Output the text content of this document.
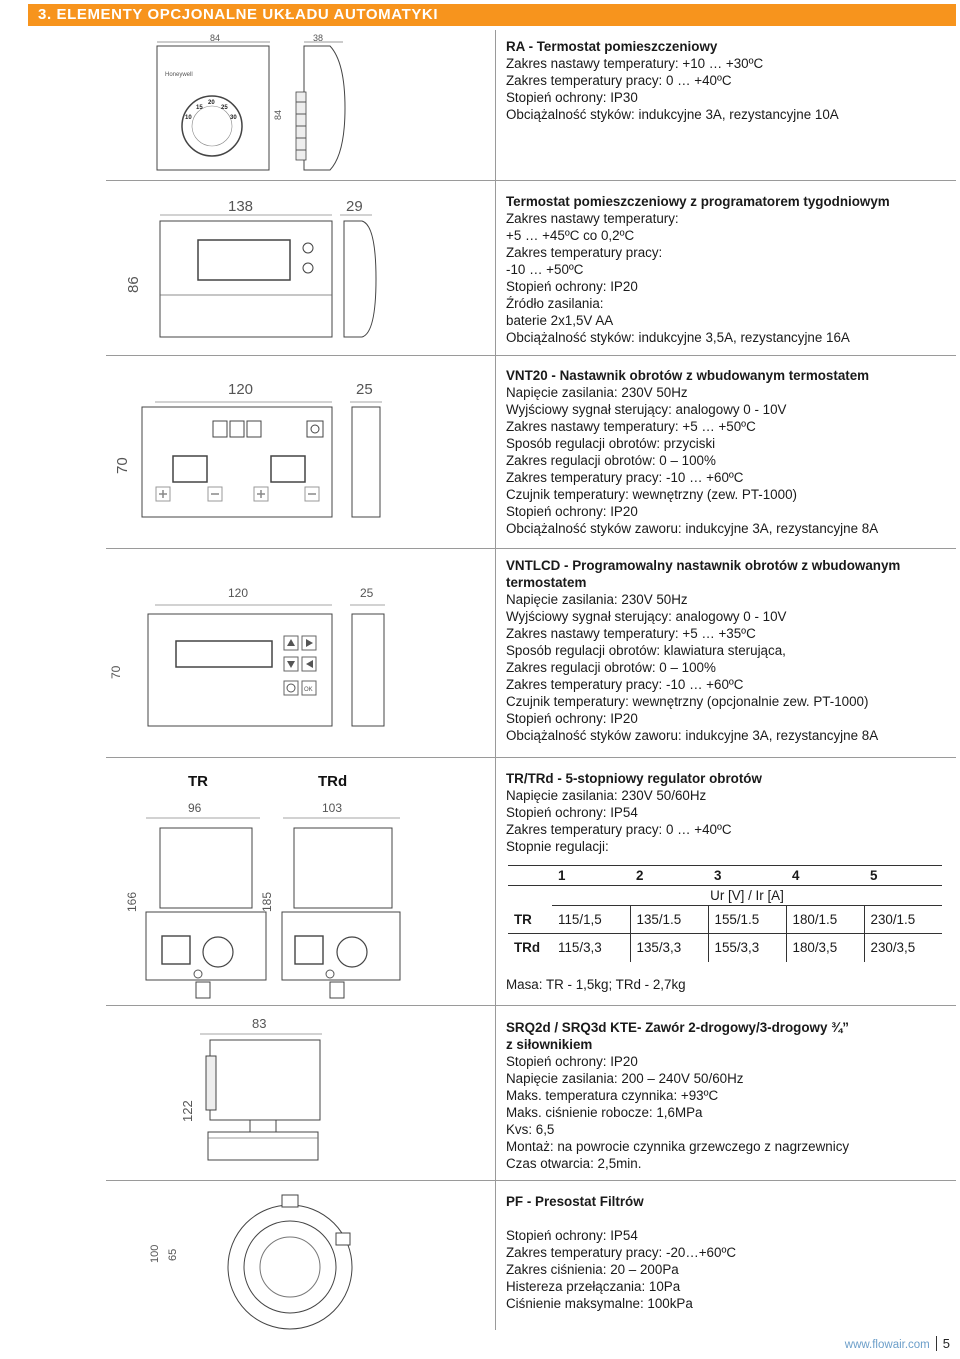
3. ELEMENTY OPCJONALNE UKŁADU AUTOMATYKI
84
Honeywell
10
15
20
25
30
38
84
RA - Termostat pomieszczeniowy
Zakres nastawy temperatury: +10 … +30ºC
Zakres temperatury pracy: 0 … +40ºC
Stopień ochrony: IP30
Obciążalność styków: indukcyjne 3A, rezystancyjne 10A
138	29
86
Termostat pomieszczeniowy z programatorem tygodniowym
Zakres nastawy temperatury:
+5 … +45ºC co 0,2ºC
Zakres temperatury pracy:
-10 … +50ºC
Stopień ochrony: IP20
Źródło zasilania:
baterie 2x1,5V AA
Obciążalność styków: indukcyjne 3,5A, rezystancyjne 16A
120	25
70
VNT20 - Nastawnik obrotów z wbudowanym termostatem
Napięcie zasilania: 230V 50Hz
Wyjściowy sygnał sterujący: analogowy 0 - 10V
Zakres nastawy temperatury: +5 … +50ºC
Sposób regulacji obrotów: przyciski
Zakres regulacji obrotów: 0 – 100%
Zakres temperatury pracy: -10 … +60ºC
Czujnik temperatury: wewnętrzny (zew. PT-1000)
Stopień ochrony: IP20
Obciążalność styków zaworu: indukcyjne 3A, rezystancyjne 8A
120	25
70
OK
VNTLCD - Programowalny nastawnik obrotów z wbudowanym
termostatem
Napięcie zasilania: 230V 50Hz
Wyjściowy sygnał sterujący: analogowy 0 - 10V
Zakres nastawy temperatury: +5 … +35ºC
Sposób regulacji obrotów: klawiatura sterująca,
Zakres regulacji obrotów: 0 – 100%
Zakres temperatury pracy: -10 … +60ºC
Czujnik temperatury: wewnętrzny (opcjonalnie zew. PT-1000)
Stopień ochrony: IP20
Obciążalność styków zaworu: indukcyjne 3A, rezystancyjne 8A
TR	TRd
96	103
166	185
TR/TRd - 5-stopniowy regulator obrotów
Napięcie zasilania: 230V 50/60Hz
Stopień ochrony: IP54
Zakres temperatury pracy: 0 … +40ºC
Stopnie regulacji:
	1	2	3	4	5
	Ur [V] / Ir [A]				
TR	115/1,5	135/1.5	155/1.5	180/1.5	230/1.5
TRd	115/3,3	135/3,3	155/3,3	180/3,5	230/3,5
Masa: TR - 1,5kg; TRd - 2,7kg
83
122
SRQ2d / SRQ3d KTE- Zawór 2-drogowy/3-drogowy ¾”
z siłownikiem
Stopień ochrony: IP20
Napięcie zasilania: 200 – 240V 50/60Hz
Maks. temperatura czynnika: +93ºC
Maks. ciśnienie robocze: 1,6MPa
Kvs: 6,5
Montaż: na powrocie czynnika grzewczego z nagrzewnicy
Czas otwarcia: 2,5min.
100 65
PF - Presostat Filtrów
Stopień ochrony: IP54
Zakres temperatury pracy: -20…+60ºC
Zakres ciśnienia: 20 – 200Pa
Histereza przełączania: 10Pa
Ciśnienie maksymalne: 100kPa
www.flowair.com 5
